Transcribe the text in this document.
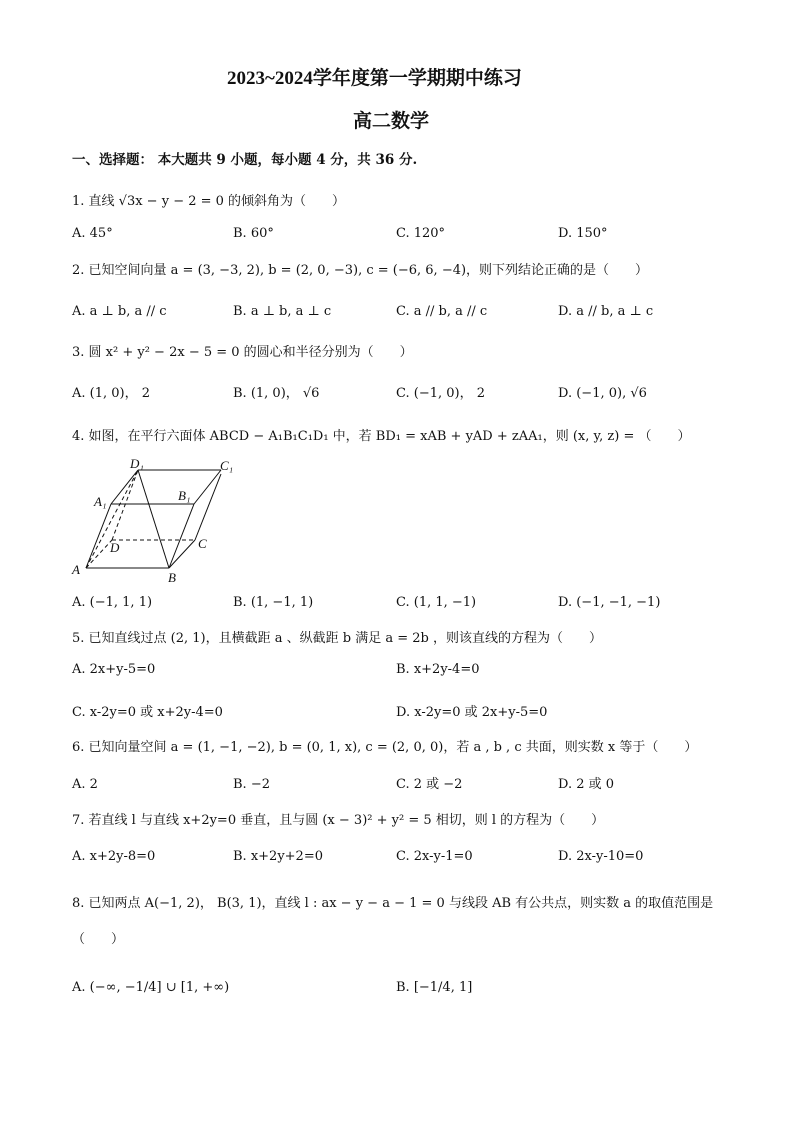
2023~2024学年度第一学期期中练习
高二数学
一、选择题： 本大题共 9 小题，每小题 4 分，共 36 分.
1. 直线 √3x − y − 2 = 0 的倾斜角为（　　）
A. 45°	B. 60°	C. 120°	D. 150°
2. 已知空间向量 a = (3, −3, 2), b = (2, 0, −3), c = (−6, 6, −4)，则下列结论正确的是（　　）
A. a ⊥ b, a // c	B. a ⊥ b, a ⊥ c	C. a // b, a // c	D. a // b, a ⊥ c
3. 圆 x² + y² − 2x − 5 = 0 的圆心和半径分别为（　　）
A. (1, 0)， 2	B. (1, 0)， √6	C. (−1, 0)， 2	D. (−1, 0), √6
4. 如图，在平行六面体 ABCD − A₁B₁C₁D₁ 中，若 BD₁ = xAB + yAD + zAA₁，则 (x, y, z) = （　　）
A
B
C
D
A₁	B₁
C₁
D₁
A. (−1, 1, 1)	B. (1, −1, 1)	C. (1, 1, −1)	D. (−1, −1, −1)
5. 已知直线过点 (2, 1)，且横截距 a 、纵截距 b 满足 a = 2b ，则该直线的方程为（　　）
A. 2x+y-5=0	B. x+2y-4=0
C. x-2y=0 或 x+2y-4=0	D. x-2y=0 或 2x+y-5=0
6. 已知向量空间 a = (1, −1, −2), b = (0, 1, x), c = (2, 0, 0)，若 a , b , c 共面，则实数 x 等于（　　）
A. 2	B. −2	C. 2 或 −2	D. 2 或 0
7. 若直线 l 与直线 x+2y=0 垂直，且与圆 (x − 3)² + y² = 5 相切，则 l 的方程为（　　）
A. x+2y-8=0	B. x+2y+2=0	C. 2x-y-1=0	D. 2x-y-10=0
8. 已知两点 A(−1, 2)， B(3, 1)，直线 l : ax − y − a − 1 = 0 与线段 AB 有公共点，则实数 a 的取值范围是
（　　）
A. (−∞, −1/4] ∪ [1, +∞)	B. [−1/4, 1]
